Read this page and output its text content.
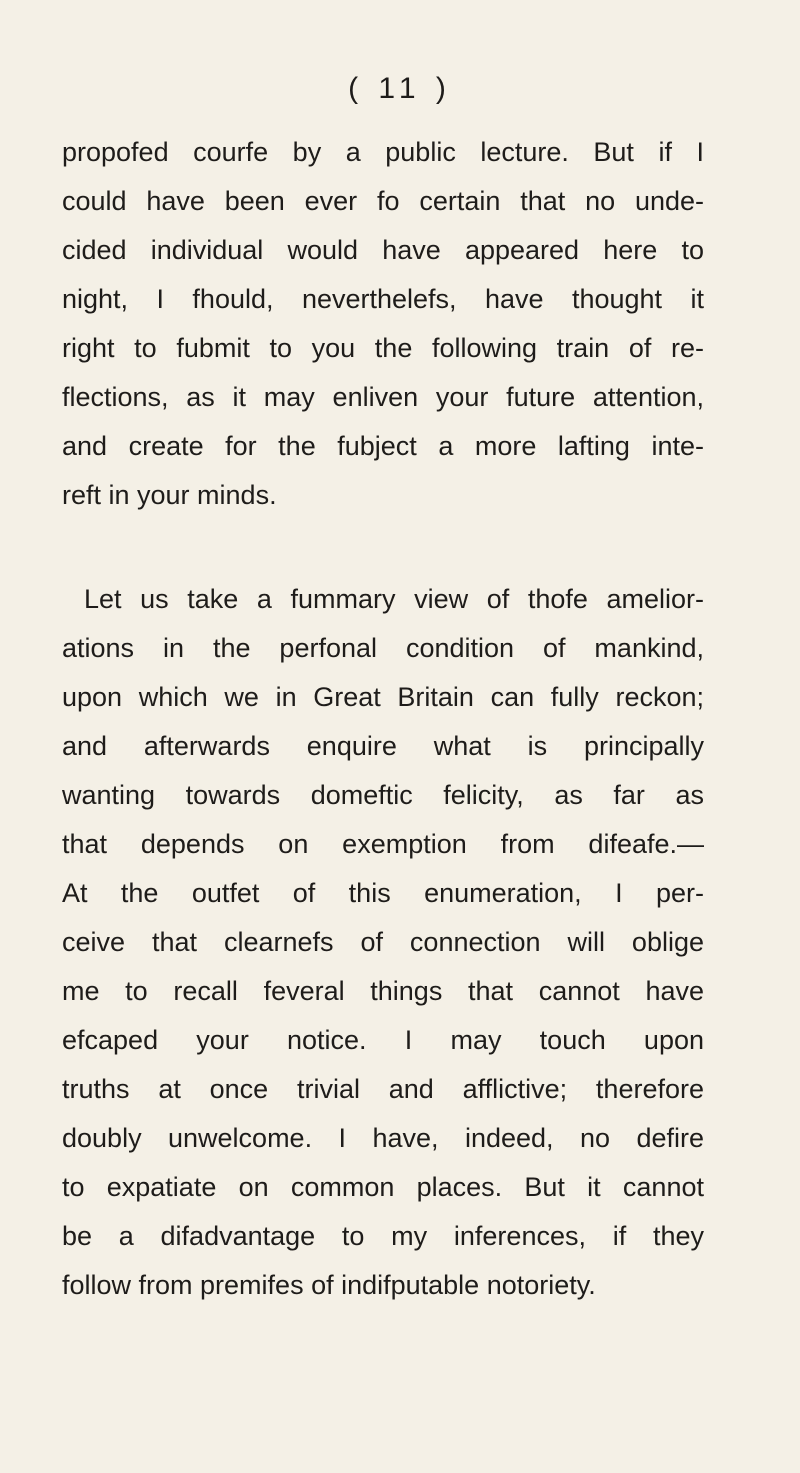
( 11 )
propofed courfe by a public lecture. But if I
could have been ever fo certain that no unde-
cided individual would have appeared here to
night, I fhould, neverthelefs, have thought it
right to fubmit to you the following train of re-
flections, as it may enliven your future attention,
and create for the fubject a more lafting inte-
reft in your minds.
Let us take a fummary view of thofe amelior-
ations in the perfonal condition of mankind,
upon which we in Great Britain can fully reckon;
and afterwards enquire what is principally
wanting towards domeftic felicity, as far as
that depends on exemption from difeafe.—
At the outfet of this enumeration, I per-
ceive that clearnefs of connection will oblige
me to recall feveral things that cannot have
efcaped your notice. I may touch upon
truths at once trivial and afflictive; therefore
doubly unwelcome. I have, indeed, no defire
to expatiate on common places. But it cannot
be a difadvantage to my inferences, if they
follow from premifes of indifputable notoriety.
